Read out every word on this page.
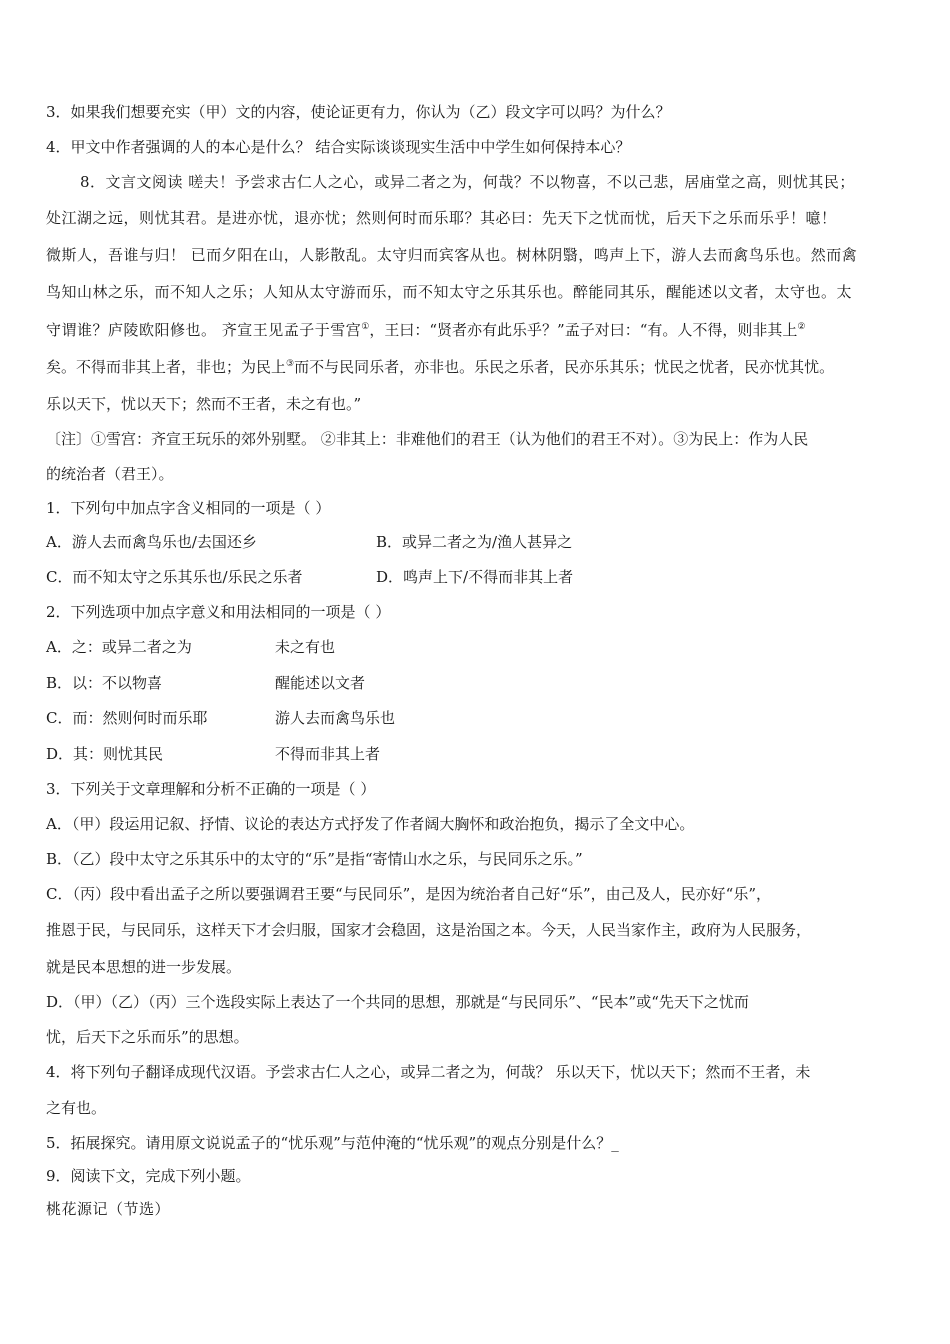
3．如果我们想要充实（甲）文的内容，使论证更有力，你认为（乙）段文字可以吗？为什么？
4．甲文中作者强调的人的本心是什么？ 结合实际谈谈现实生活中中学生如何保持本心？
8．文言文阅读 嗟夫！予尝求古仁人之心，或异二者之为，何哉？不以物喜，不以己悲，居庙堂之高，则忧其民；
处江湖之远，则忧其君。是进亦忧，退亦忧；然则何时而乐耶？其必曰：先天下之忧而忧，后天下之乐而乐乎！噫！
微斯人，吾谁与归！ 已而夕阳在山，人影散乱。太守归而宾客从也。树林阴翳，鸣声上下，游人去而禽鸟乐也。然而禽
鸟知山林之乐，而不知人之乐；人知从太守游而乐，而不知太守之乐其乐也。醉能同其乐，醒能述以文者，太守也。太
守谓谁？庐陵欧阳修也。 齐宣王见孟子于雪宫①，王曰：“贤者亦有此乐乎？”孟子对曰：“有。人不得，则非其上②
矣。不得而非其上者，非也；为民上③而不与民同乐者，亦非也。乐民之乐者，民亦乐其乐；忧民之忧者，民亦忧其忧。
乐以天下，忧以天下；然而不王者，未之有也。”
〔注〕①雪宫：齐宣王玩乐的郊外别墅。 ②非其上：非难他们的君王（认为他们的君王不对）。③为民上：作为人民
的统治者（君王）。
1．下列句中加点字含义相同的一项是（ ）
A．游人去而禽鸟乐也/去国还乡	B．或异二者之为/渔人甚异之
C．而不知太守之乐其乐也/乐民之乐者	D．鸣声上下/不得而非其上者
2．下列选项中加点字意义和用法相同的一项是（ ）
A．之：或异二者之为	未之有也
B．以：不以物喜	醒能述以文者
C．而：然则何时而乐耶	游人去而禽鸟乐也
D．其：则忧其民	不得而非其上者
3．下列关于文章理解和分析不正确的一项是（ ）
A．（甲）段运用记叙、抒情、议论的表达方式抒发了作者阔大胸怀和政治抱负，揭示了全文中心。
B．（乙）段中太守之乐其乐中的太守的“乐”是指“寄情山水之乐，与民同乐之乐。”
C．（丙）段中看出孟子之所以要强调君王要“与民同乐”，是因为统治者自己好“乐”，由己及人，民亦好“乐”，
推恩于民，与民同乐，这样天下才会归服，国家才会稳固，这是治国之本。今天，人民当家作主，政府为人民服务，
就是民本思想的进一步发展。
D．（甲）（乙）（丙）三个选段实际上表达了一个共同的思想，那就是“与民同乐”、“民本”或“先天下之忧而
忧，后天下之乐而乐”的思想。
4．将下列句子翻译成现代汉语。予尝求古仁人之心，或异二者之为，何哉？ 乐以天下，忧以天下；然而不王者，未
之有也。
5．拓展探究。请用原文说说孟子的“忧乐观”与范仲淹的“忧乐观”的观点分别是什么？_
9．阅读下文，完成下列小题。
桃花源记（节选）
